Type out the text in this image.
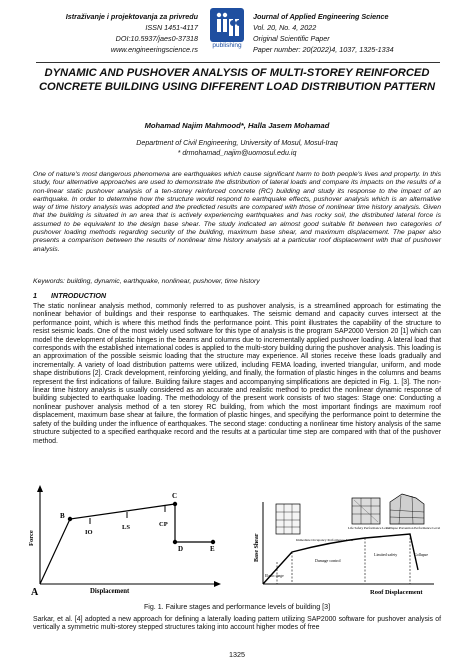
Istraživanje i projektovanja za privredu
ISSN 1451-4117
DOI:10.5937/jaes0-37318
www.engineeringscience.rs	publishing
Journal of Applied Engineering Science
Vol. 20, No. 4, 2022
Original Scientific Paper
Paper number: 20(2022)4, 1037, 1325-1334
DYNAMIC AND PUSHOVER ANALYSIS OF MULTI-STOREY REINFORCED CONCRETE BUILDING USING DIFFERENT LOAD DISTRIBUTION PATTERN
Mohamad Najim Mahmood*, Halla Jasem Mohamad
Department of Civil Engineering, University of Mosul, Mosul-Iraq
* drmohamad_najim@uomosul.edu.iq
One of nature's most dangerous phenomena are earthquakes which cause significant harm to both people's lives and property. In this study, four alternative approaches are used to demonstrate the distribution of lateral loads and compare its impacts on the results of a non-linear static pushover analysis of a ten-storey reinforced concrete (RC) building and study its response to the impact of an earthquake. In order to determine how the structure would respond to earthquake effects, pushover analysis which is an alternative way of time history analysis was adopted and the predicted results are compared with those of nonlinear time history analysis. Given that the building is situated in an area that is actively experiencing earthquakes and has rocky soil, the distributed lateral force is assumed to be equivalent to the design base shear. The study indicated an almost good suitable fit between two categories of pushover loading methods regarding security of the building, maximum base shear, and maximum displacement. The paper also presents a comparison between the results of nonlinear time history analysis at a particular roof displacement with that of pushover analysis.
Keywords: building, dynamic, earthquake, nonlinear, pushover, time history
1 INTRODUCTION
The static nonlinear analysis method, commonly referred to as pushover analysis, is a streamlined approach for estimating the nonlinear behavior of buildings and their response to earthquakes. The seismic demand and capacity curves intersect at the performance point, which is where this method finds the performance point. This point illustrates the capability of the structure to resist seismic loads. One of the most widely used software for this type of analysis is the program SAP2000 Version 20 [1] which can model the development of plastic hinges in the beams and columns due to incrementally applied pushover loading. A lateral load that corresponds with the established international codes is applied to the multi-story building during the pushover analysis. This loading is an approximation of the possible seismic loading that the structure may experience. All stories receive these loads gradually and incrementally. A variety of load distribution patterns were utilized, including FEMA loading, inverted triangular, uniform, and mode shape distributions [2]. Crack development, reinforcing yielding, and finally, the formation of plastic hinges in the columns and beams represent the first indications of failure. Building failure stages and accompanying simplifications are depicted in Fig. 1. [3]. The non-linear time history analysis is usually considered as an accurate and realistic method to predict the nonlinear dynamic response of building subjected to earthquake loading. The methodology of the present work consists of two stages: Stage one: Conducting a nonlinear pushover analysis method of a ten storey RC building, from which the most important findings are maximum roof displacement, maximum base shear at failure, the formation of plastic hinges, and specifying the performance point to determine the safety of the building under the influence of earthquakes. The second stage: conducting a nonlinear time history analysis of the same structure subjected to a specified earthquake record and the results at a particular time step are compared with that of the pushover method.
Force
Displacement
A
B
C
D	E
IO
LS	CP
Base Shear
Roof Displacement
Immediate Occupancy Performance Level
Life Safety Performance Level
Collapse Prevention Performance Level
Damage control
Limited safety	Collapse
Elastic range
Fig. 1. Failure stages and performance levels of building [3]
Sarkar, et al. [4] adopted a new approach for defining a laterally loading pattern utilizing SAP2000 software for pushover analysis of vertically a symmetric multi-storey stepped structures taking into account higher modes of free
1325
